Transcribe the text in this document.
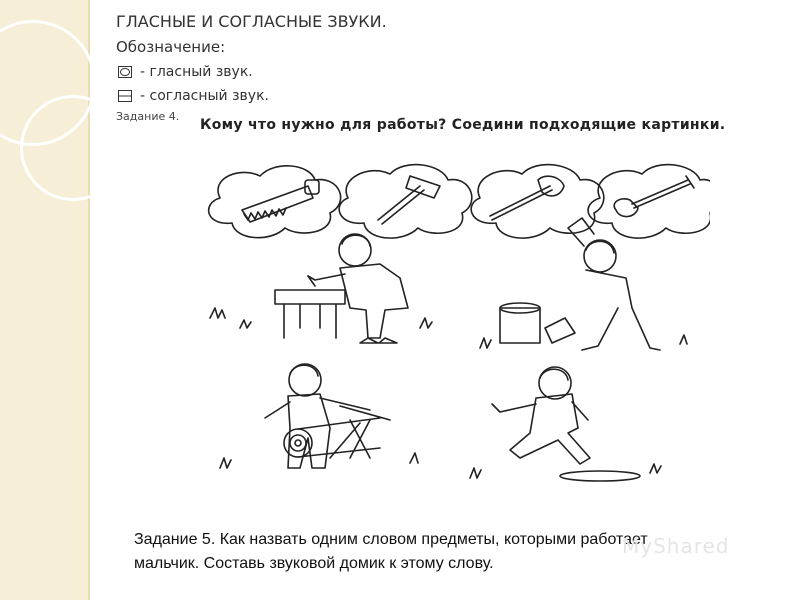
ГЛАСНЫЕ И СОГЛАСНЫЕ ЗВУКИ.
Обозначение:
- гласный звук.
- согласный звук.
Задание 4.
Кому что нужно для работы? Соедини подходящие картинки.
Задание 5. Как назвать одним словом предметы, которыми работает мальчик. Составь звуковой домик к этому слову.
MyShared
